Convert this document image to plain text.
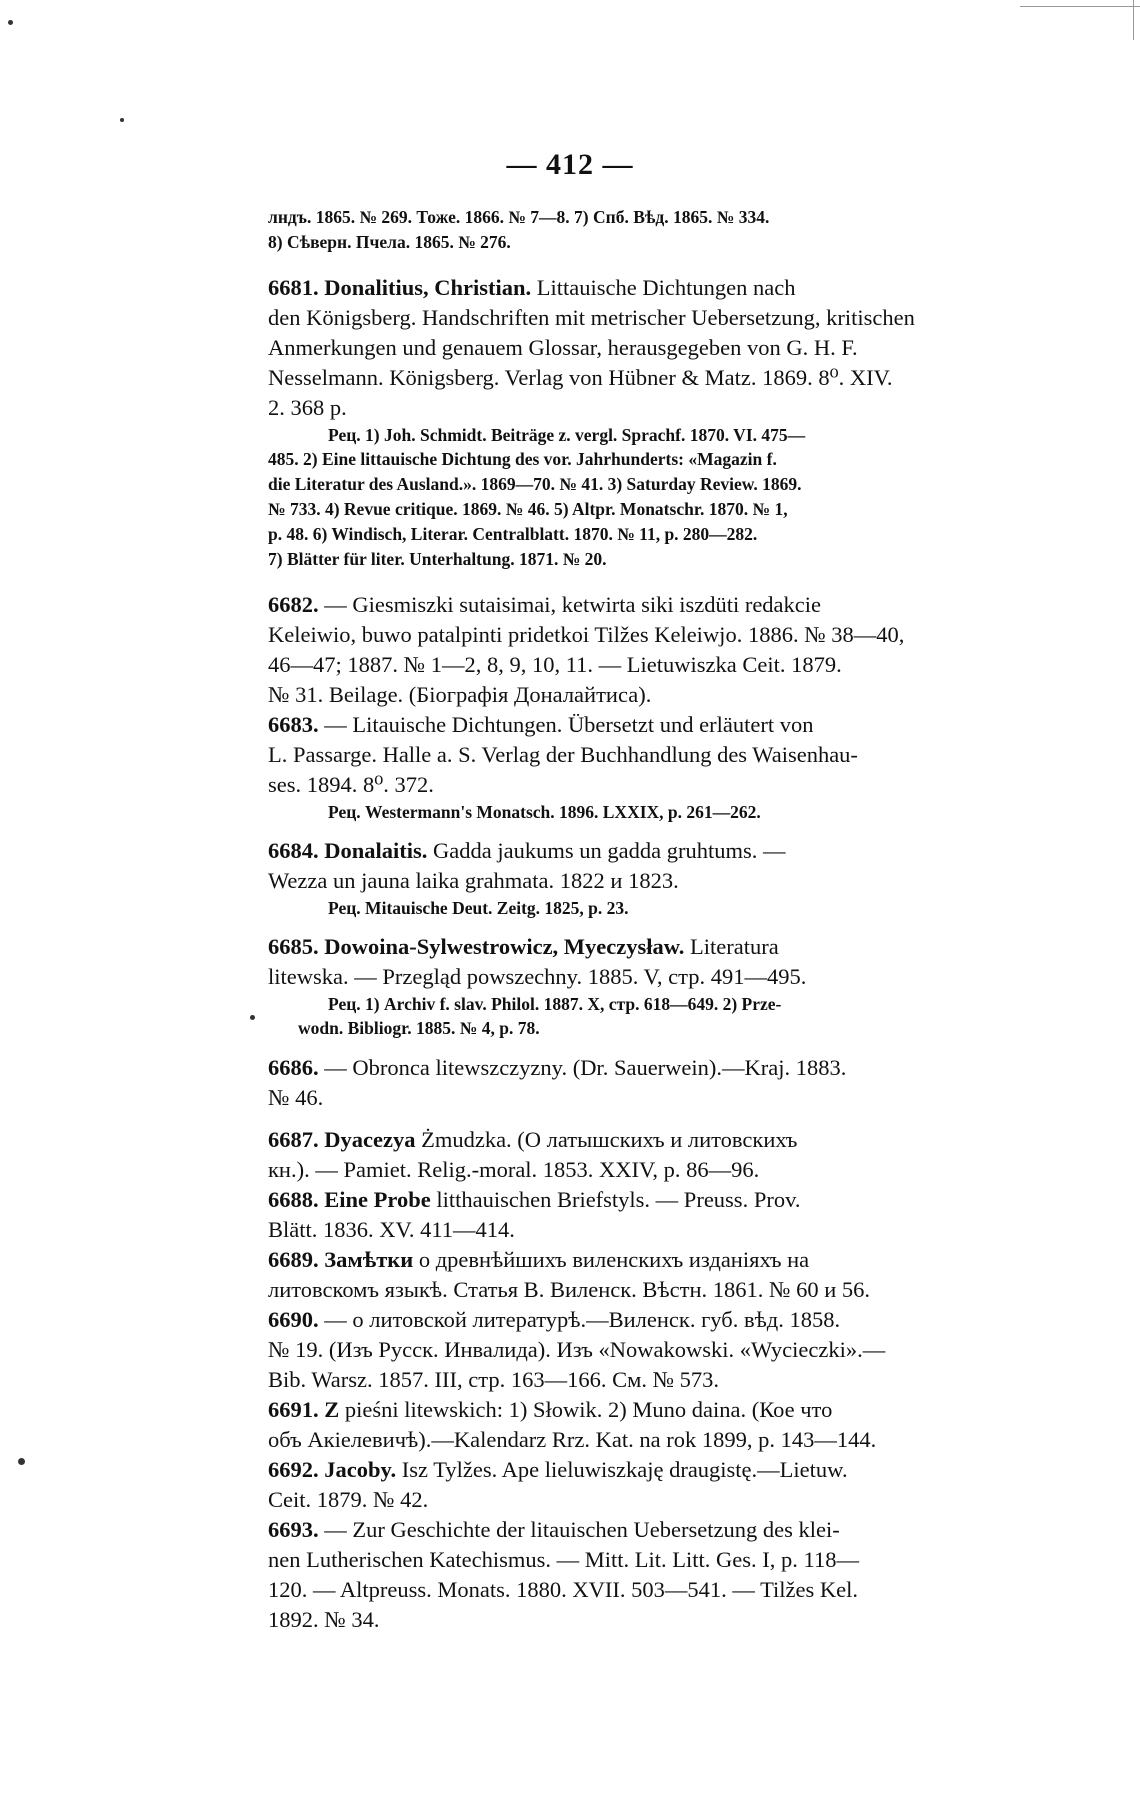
— 412 —
лндъ. 1865. № 269. Тоже. 1866. № 7—8. 7) Спб. Вѣд. 1865. № 334.
8) Сѣверн. Пчела. 1865. № 276.
6681. Donalitius, Christian. Littauische Dichtungen nach
den Königsberg. Handschriften mit metrischer Uebersetzung, kritischen
Anmerkungen und genauem Glossar, herausgegeben von G. H. F.
Nesselmann. Königsberg. Verlag von Hübner & Matz. 1869. 8⁰. XIV.
2. 368 p.
Рец. 1) Joh. Schmidt. Beiträge z. vergl. Sprachf. 1870. VI. 475—
485. 2) Eine littauische Dichtung des vor. Jahrhunderts: «Magazin f.
die Literatur des Ausland.». 1869—70. № 41. 3) Saturday Review. 1869.
№ 733. 4) Revue critique. 1869. № 46. 5) Altpr. Monatschr. 1870. № 1,
p. 48. 6) Windisch, Literar. Centralblatt. 1870. № 11, p. 280—282.
7) Blätter für liter. Unterhaltung. 1871. № 20.
6682. — Giesmiszki sutaisimai, ketwirta siki iszdüti redakcie
Keleiwio, buwo patalpinti pridetkoi Tilžes Keleiwjo. 1886. № 38—40,
46—47; 1887. № 1—2, 8, 9, 10, 11. — Lietuwiszka Ceit. 1879.
№ 31. Beilage. (Біографія Доналайтиса).
6683. — Litauische Dichtungen. Übersetzt und erläutert von
L. Passarge. Halle a. S. Verlag der Buchhandlung des Waisenhau-
ses. 1894. 8⁰. 372.
Рец. Westermann's Monatsch. 1896. LXXIX, p. 261—262.
6684. Donalaitis. Gadda jaukums un gadda gruhtums. —
Wezza un jauna laika grahmata. 1822 и 1823.
Рец. Mitauische Deut. Zeitg. 1825, p. 23.
6685. Dowoina-Sylwestrowicz, Myeczysław. Literatura
litewska. — Przegląd powszechny. 1885. V, стр. 491—495.
Рец. 1) Archiv f. slav. Philol. 1887. X, стр. 618—649. 2) Prze-
wodn. Bibliogr. 1885. № 4, p. 78.
6686. — Obronca litewszczyzny. (Dr. Sauerwein).—Kraj. 1883.
№ 46.
6687. Dyacezya Żmudzka. (О латышскихъ и литовскихъ
кн.). — Pamiet. Relig.-moral. 1853. XXIV, p. 86—96.
6688. Eine Probe litthauischen Briefstyls. — Preuss. Prov.
Blätt. 1836. XV. 411—414.
6689. Замѣтки о древнѣйшихъ виленскихъ изданіяхъ на
литовскомъ языкѣ. Статья В. Виленск. Вѣстн. 1861. № 60 и 56.
6690. — о литовской литературѣ.—Виленск. губ. вѣд. 1858.
№ 19. (Изъ Русск. Инвалида). Изъ «Nowakowski. «Wycieczki».—
Bib. Warsz. 1857. III, стр. 163—166. См. № 573.
6691. Z pieśni litewskich: 1) Słowik. 2) Muno daina. (Кое что
объ Акіелевичѣ).—Kalendarz Rrz. Kat. na rok 1899, p. 143—144.
6692. Jacoby. Isz Tylžes. Ape lieluwiszkaję draugistę.—Lietuw.
Ceit. 1879. № 42.
6693. — Zur Geschichte der litauischen Uebersetzung des klei-
nen Lutherischen Katechismus. — Mitt. Lit. Litt. Ges. I, p. 118—
120. — Altpreuss. Monats. 1880. XVII. 503—541. — Tilžes Kel.
1892. № 34.
